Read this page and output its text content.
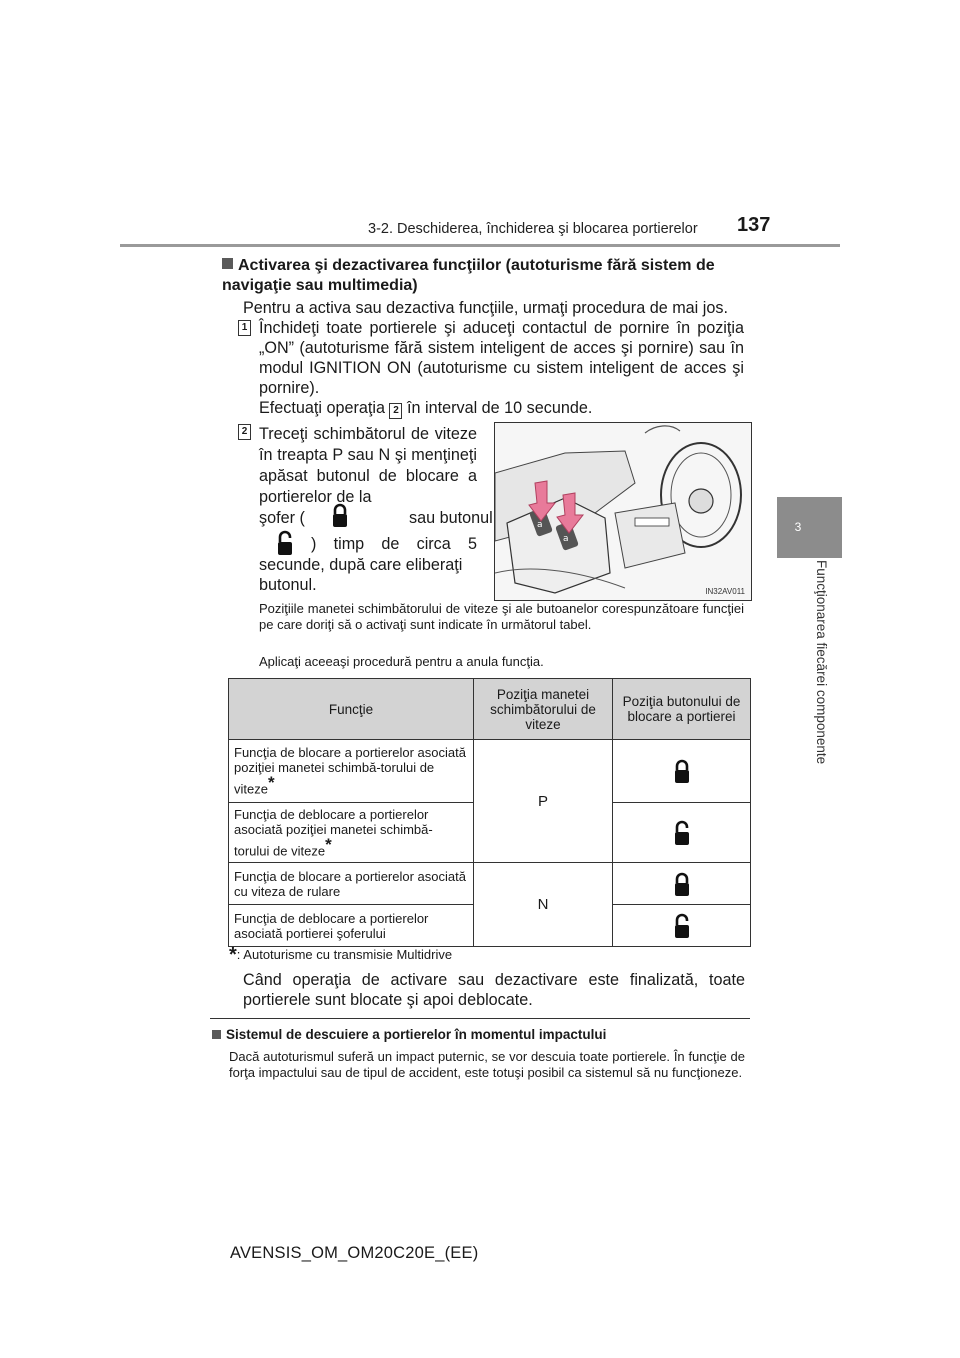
3-2. Deschiderea, închiderea şi blocarea portierelor 137
3
Funcţionarea fiecărei componente
Activarea şi dezactivarea funcţiilor (autoturisme fără sistem de navigaţie sau multimedia)
Pentru a activa sau dezactiva funcţiile, urmaţi procedura de mai jos.
1 Închideţi toate portierele şi aduceţi contactul de pornire în poziţia „ON” (autoturisme fără sistem inteligent de acces şi pornire) sau în modul IGNITION ON (autoturisme cu sistem inteligent de acces şi pornire).
Efectuaţi operaţia 2 în interval de 10 secunde.
2 Treceţi schimbătorul de viteze în treapta P sau N şi menţineţi apăsat butonul de blocare a portierelor de la
şofer (	sau butonul
) timp de circa 5
secunde, după care eliberaţi butonul.
a
a
IN32AV011
Poziţiile manetei schimbătorului de viteze şi ale butoanelor corespunzătoare funcţiei pe care doriţi să o activaţi sunt indicate în următorul tabel.
Aplicaţi aceeaşi procedură pentru a anula funcţia.
Funcţie	Poziţia manetei schimbătorului de viteze	Poziţia butonului de blocare a portierei
Funcţia de blocare a portierelor asociată poziţiei manetei schimbă-torului de viteze*	P	

Funcţia de deblocare a portierelor asociată poziţiei manetei schimbă-torului de viteze*	

Funcţia de blocare a portierelor asociată cu viteza de rulare	N	

Funcţia de deblocare a portierelor asociată portierei şoferului	
*: Autoturisme cu transmisie Multidrive
Când operaţia de activare sau dezactivare este finalizată, toate portierele sunt blocate şi apoi deblocate.
Sistemul de descuiere a portierelor în momentul impactului
Dacă autoturismul suferă un impact puternic, se vor descuia toate portierele. În funcţie de forţa impactului sau de tipul de accident, este totuşi posibil ca sistemul să nu funcţioneze.
AVENSIS_OM_OM20C20E_(EE)
